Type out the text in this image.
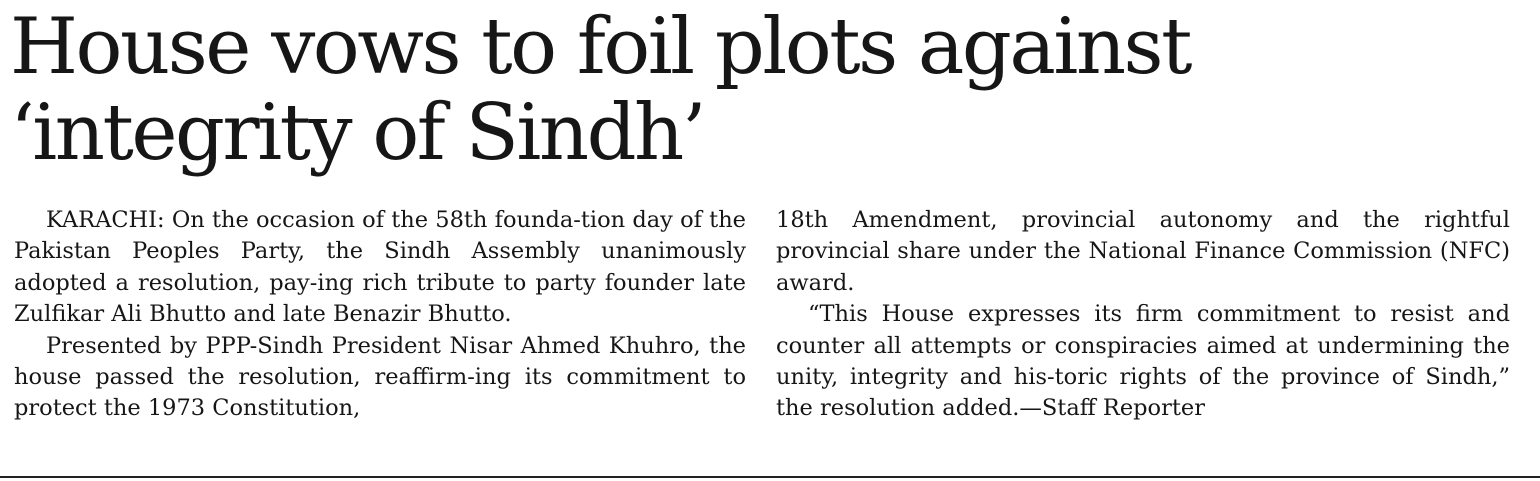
House vows to foil plots against
‘integrity of Sindh’

KARACHI: On the occasion of the 58th founda-tion day of the Pakistan Peoples Party, the Sindh Assembly unanimously adopted a resolution, pay-ing rich tribute to party founder late Zulfikar Ali Bhutto and late Benazir Bhutto.

Presented by PPP-Sindh President Nisar Ahmed Khuhro, the house passed the resolution, reaffirm-ing its commitment to protect the 1973 Constitution,

18th Amendment, provincial autonomy and the rightful provincial share under the National Finance Commission (NFC) award.

“This House expresses its firm commitment to resist and counter all attempts or conspiracies aimed at undermining the unity, integrity and his-toric rights of the province of Sindh,” the resolution added.—Staff Reporter
